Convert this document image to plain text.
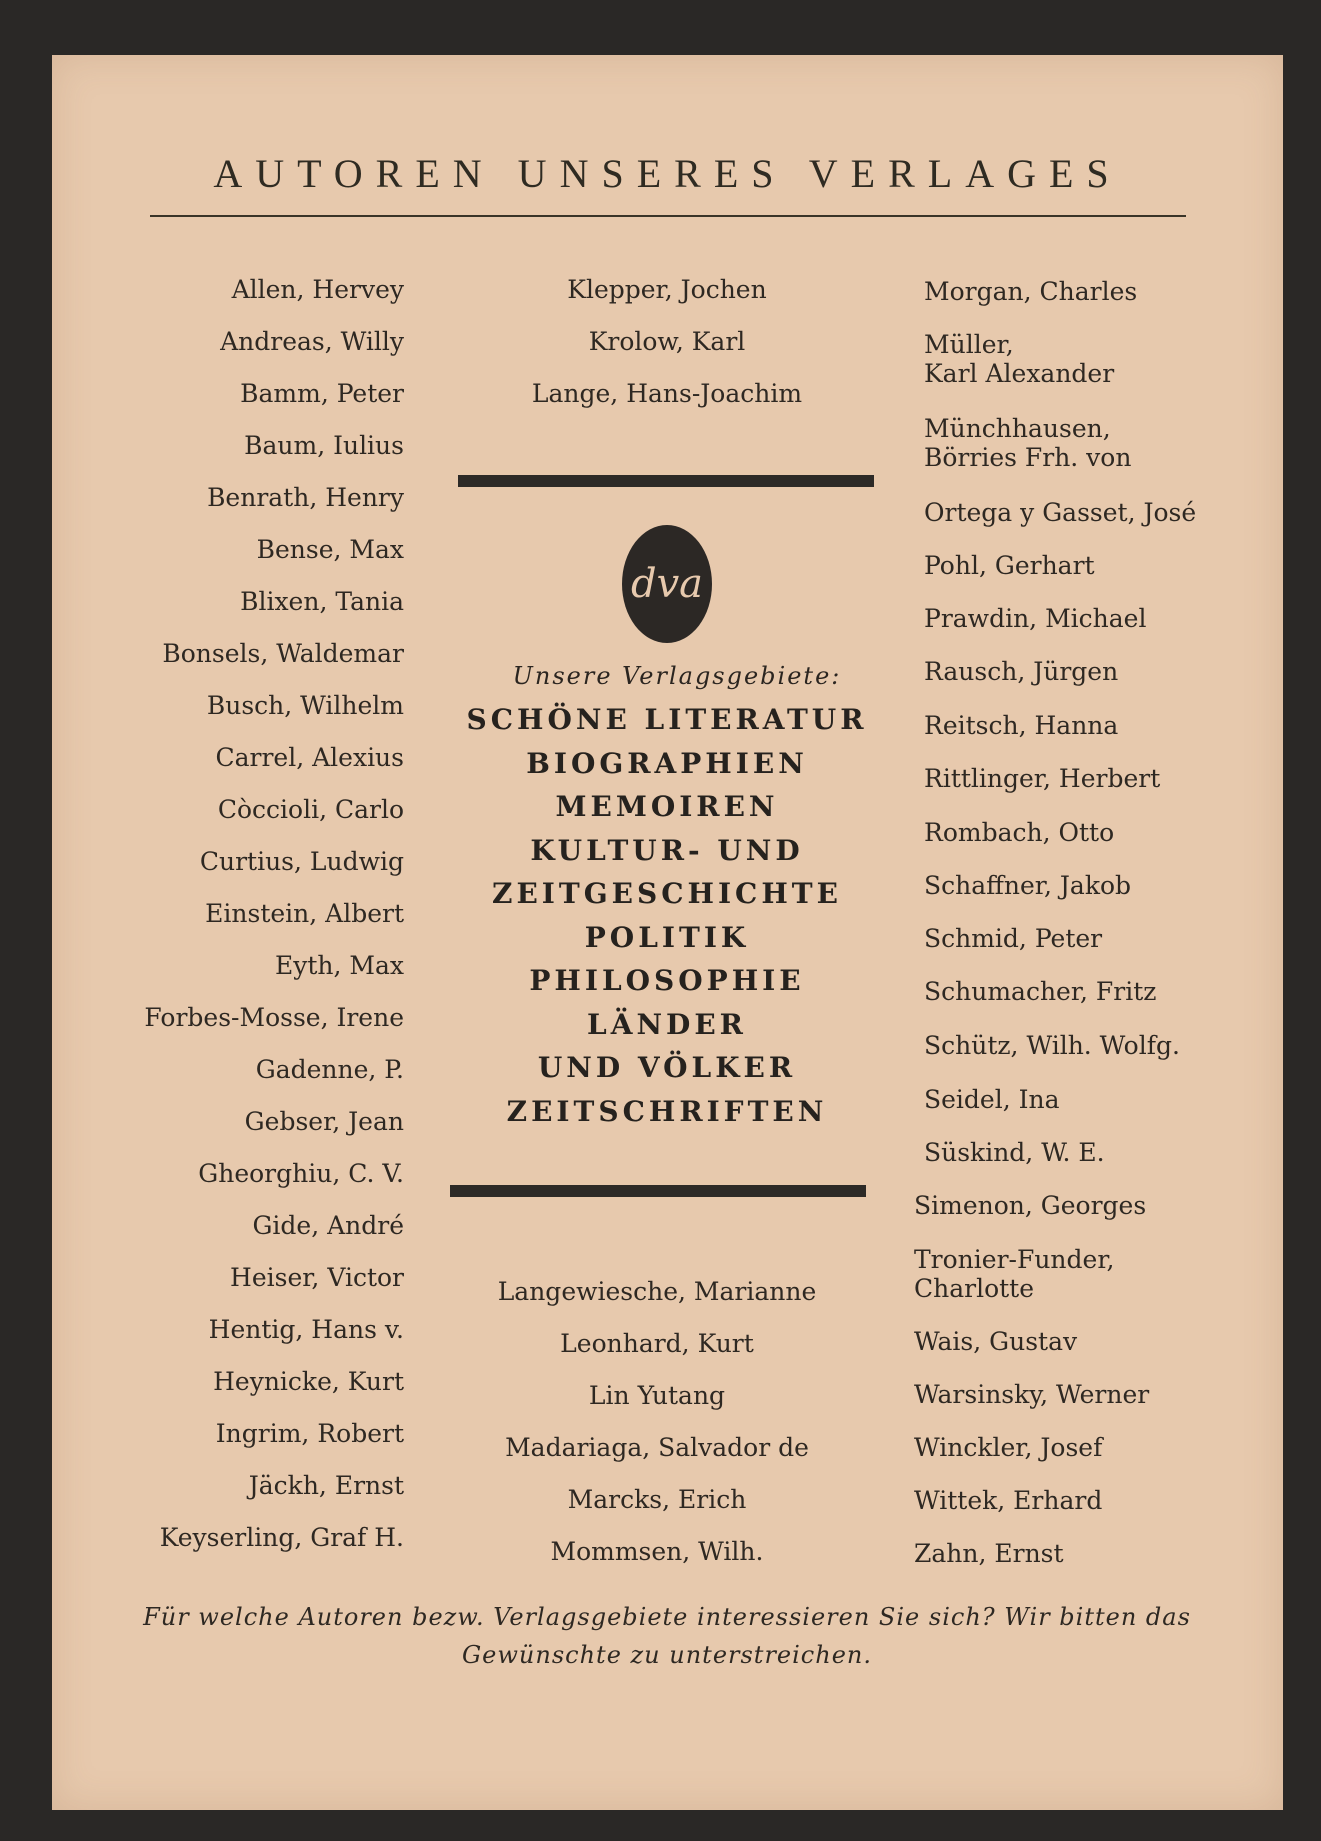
AUTOREN UNSERES VERLAGES
Allen, Hervey
Andreas, Willy
Bamm, Peter
Baum, Iulius
Benrath, Henry
Bense, Max
Blixen, Tania
Bonsels, Waldemar
Busch, Wilhelm
Carrel, Alexius
Còccioli, Carlo
Curtius, Ludwig
Einstein, Albert
Eyth, Max
Forbes-Mosse, Irene
Gadenne, P.
Gebser, Jean
Gheorghiu, C. V.
Gide, André
Heiser, Victor
Hentig, Hans v.
Heynicke, Kurt
Ingrim, Robert
Jäckh, Ernst
Keyserling, Graf H.
Klepper, Jochen
Krolow, Karl
Lange, Hans-Joachim
dva
Unsere Verlagsgebiete:
SCHÖNE LITERATUR
BIOGRAPHIEN
MEMOIREN
KULTUR- UND
ZEITGESCHICHTE
POLITIK
PHILOSOPHIE
LÄNDER
UND VÖLKER
ZEITSCHRIFTEN
Langewiesche, Marianne
Leonhard, Kurt
Lin Yutang
Madariaga, Salvador de
Marcks, Erich
Mommsen, Wilh.
Morgan, Charles
Müller,
Karl Alexander
Münchhausen,
Börries Frh. von
Ortega y Gasset, José
Pohl, Gerhart
Prawdin, Michael
Rausch, Jürgen
Reitsch, Hanna
Rittlinger, Herbert
Rombach, Otto
Schaffner, Jakob
Schmid, Peter
Schumacher, Fritz
Schütz, Wilh. Wolfg.
Seidel, Ina
Süskind, W. E.
Simenon, Georges
Tronier-Funder,
Charlotte
Wais, Gustav
Warsinsky, Werner
Winckler, Josef
Wittek, Erhard
Zahn, Ernst
Für welche Autoren bezw. Verlagsgebiete interessieren Sie sich? Wir bitten das
Gewünschte zu unterstreichen.
